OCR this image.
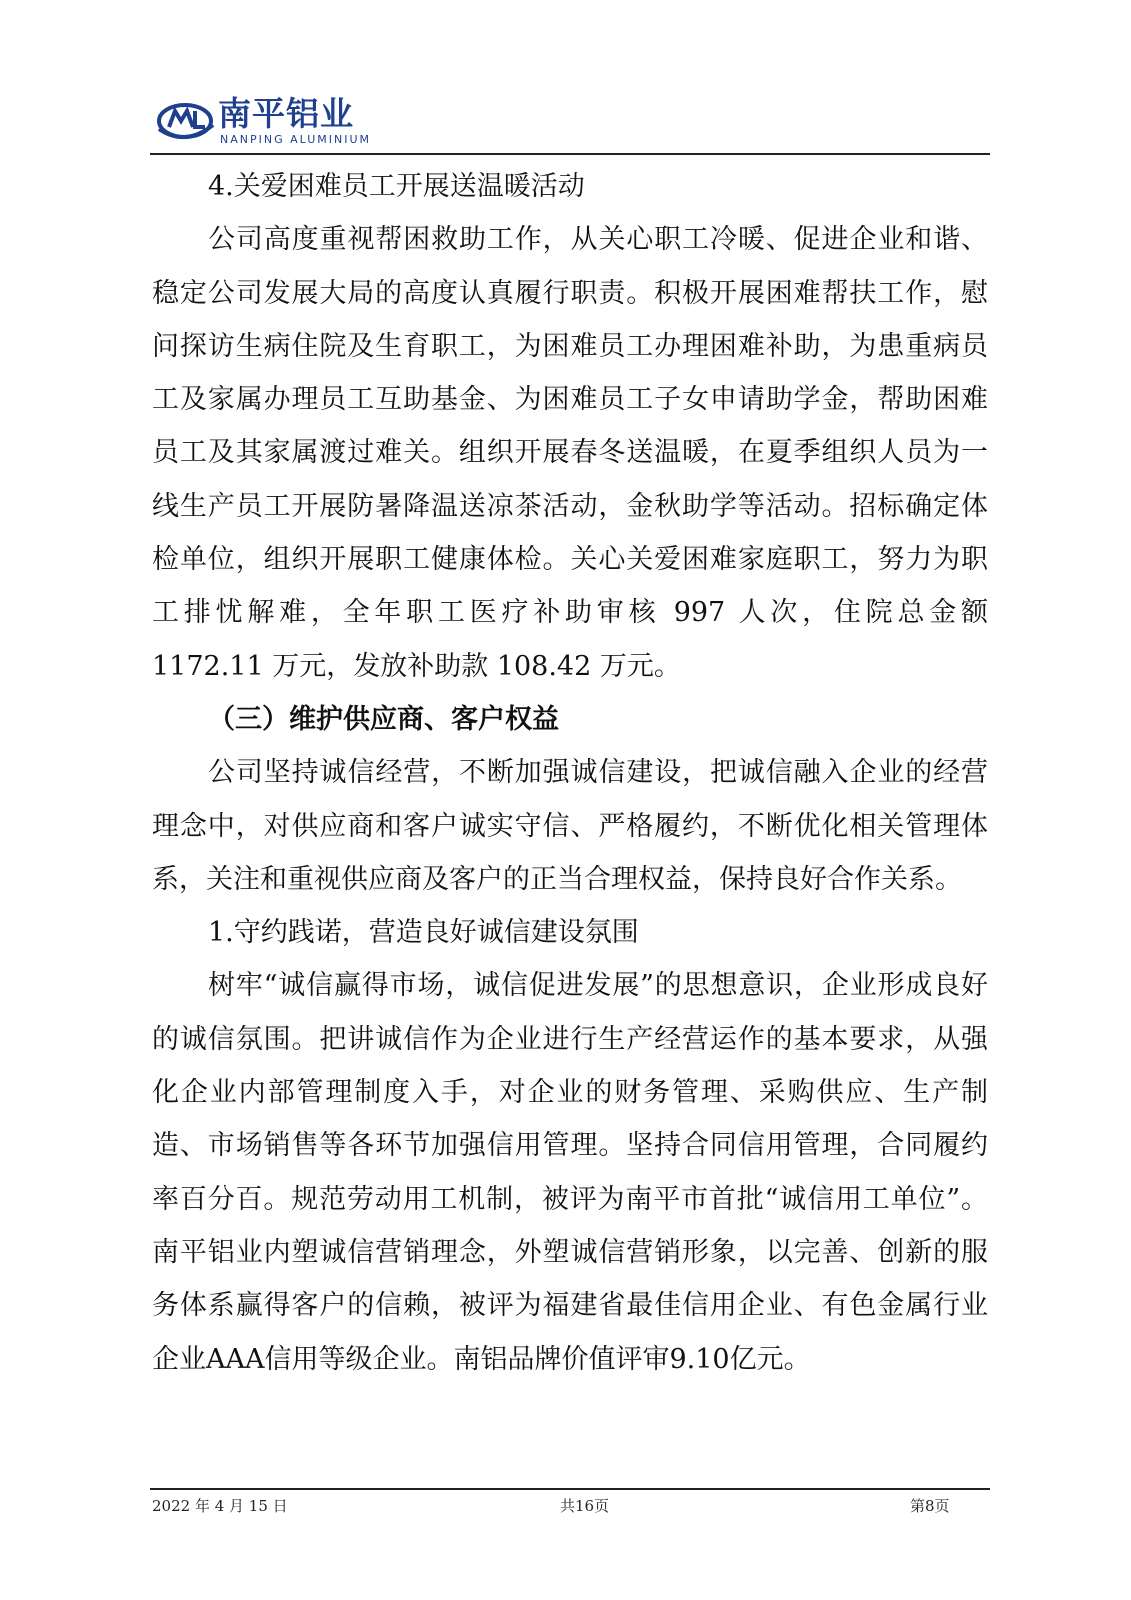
南平铝业
NANPING ALUMINIUM

4.关爱困难员工开展送温暖活动

公司高度重视帮困救助工作，从关心职工冷暖、促进企业和谐、稳定公司发展大局的高度认真履行职责。积极开展困难帮扶工作，慰问探访生病住院及生育职工，为困难员工办理困难补助，为患重病员工及家属办理员工互助基金、为困难员工子女申请助学金，帮助困难员工及其家属渡过难关。组织开展春冬送温暖，在夏季组织人员为一线生产员工开展防暑降温送凉茶活动，金秋助学等活动。招标确定体检单位，组织开展职工健康体检。关心关爱困难家庭职工，努力为职工排忧解难，全年职工医疗补助审核 997 人次，住院总金额 1172.11 万元，发放补助款 108.42 万元。

（三）维护供应商、客户权益

公司坚持诚信经营，不断加强诚信建设，把诚信融入企业的经营理念中，对供应商和客户诚实守信、严格履约，不断优化相关管理体系，关注和重视供应商及客户的正当合理权益，保持良好合作关系。

1.守约践诺，营造良好诚信建设氛围

树牢“诚信赢得市场，诚信促进发展”的思想意识，企业形成良好的诚信氛围。把讲诚信作为企业进行生产经营运作的基本要求，从强化企业内部管理制度入手，对企业的财务管理、采购供应、生产制造、市场销售等各环节加强信用管理。坚持合同信用管理，合同履约率百分百。规范劳动用工机制，被评为南平市首批“诚信用工单位”。南平铝业内塑诚信营销理念，外塑诚信营销形象，以完善、创新的服务体系赢得客户的信赖，被评为福建省最佳信用企业、有色金属行业企业AAA信用等级企业。南铝品牌价值评审9.10亿元。

2022 年 4 月 15 日	共16页	第8页
